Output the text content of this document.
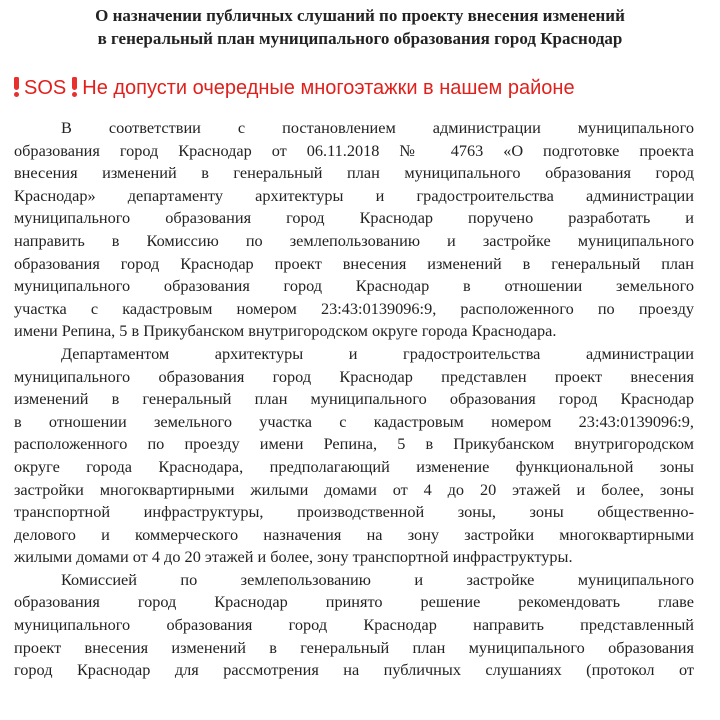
О назначении публичных слушаний по проекту внесения изменений
в генеральный план муниципального образования город Краснодар
SOS Не допусти очередные многоэтажки в нашем районе
В соответствии с постановлением администрации муниципального
образования город Краснодар от 06.11.2018 № 4763 «О подготовке проекта
внесения изменений в генеральный план муниципального образования город
Краснодар» департаменту архитектуры и градостроительства администрации
муниципального образования город Краснодар поручено разработать и
направить в Комиссию по землепользованию и застройке муниципального
образования город Краснодар проект внесения изменений в генеральный план
муниципального образования город Краснодар в отношении земельного
участка с кадастровым номером 23:43:0139096:9, расположенного по проезду
имени Репина, 5 в Прикубанском внутригородском округе города Краснодара.
Департаментом архитектуры и градостроительства администрации
муниципального образования город Краснодар представлен проект внесения
изменений в генеральный план муниципального образования город Краснодар
в отношении земельного участка с кадастровым номером 23:43:0139096:9,
расположенного по проезду имени Репина, 5 в Прикубанском внутригородском
округе города Краснодара, предполагающий изменение функциональной зоны
застройки многоквартирными жилыми домами от 4 до 20 этажей и более, зоны
транспортной инфраструктуры, производственной зоны, зоны общественно-
делового и коммерческого назначения на зону застройки многоквартирными
жилыми домами от 4 до 20 этажей и более, зону транспортной инфраструктуры.
Комиссией по землепользованию и застройке муниципального
образования город Краснодар принято решение рекомендовать главе
муниципального образования город Краснодар направить представленный
проект внесения изменений в генеральный план муниципального образования
город Краснодар для рассмотрения на публичных слушаниях (протокол от
